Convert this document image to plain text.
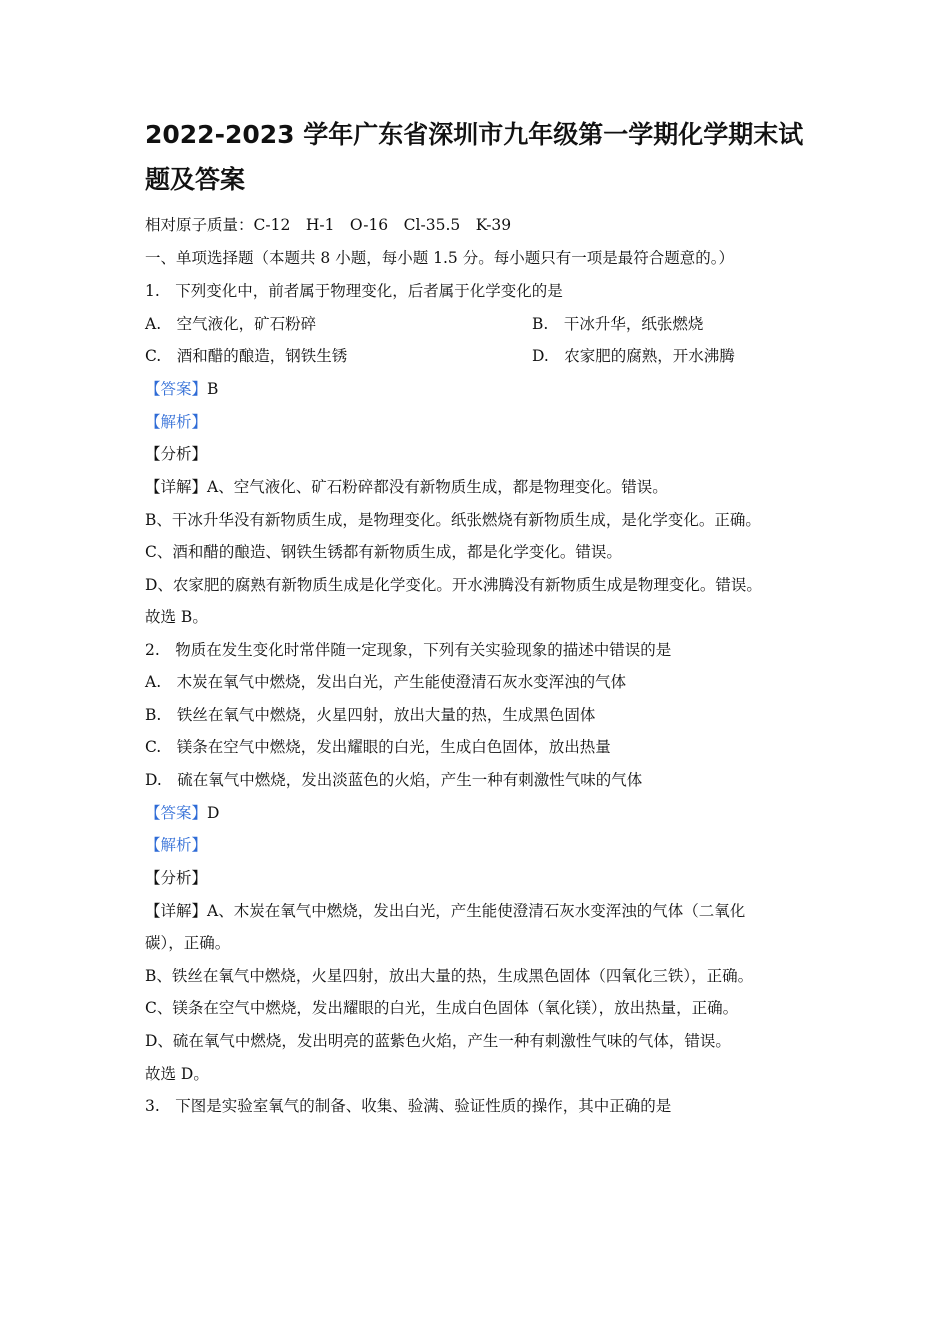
2022-2023 学年广东省深圳市九年级第一学期化学期末试题及答案

相对原子质量：C-12　H-1　O-16　Cl-35.5　K-39

一、单项选择题（本题共 8 小题，每小题 1.5 分。每小题只有一项是最符合题意的。）

1.　下列变化中，前者属于物理变化，后者属于化学变化的是

A.　空气液化，矿石粉碎	B.　干冰升华，纸张燃烧

C.　酒和醋的酿造，钢铁生锈	D.　农家肥的腐熟，开水沸腾

【答案】B

【解析】

【分析】

【详解】A、空气液化、矿石粉碎都没有新物质生成，都是物理变化。错误。

B、干冰升华没有新物质生成，是物理变化。纸张燃烧有新物质生成，是化学变化。正确。

C、酒和醋的酿造、钢铁生锈都有新物质生成，都是化学变化。错误。

D、农家肥的腐熟有新物质生成是化学变化。开水沸腾没有新物质生成是物理变化。错误。

故选 B。

2.　物质在发生变化时常伴随一定现象，下列有关实验现象的描述中错误的是

A.　木炭在氧气中燃烧，发出白光，产生能使澄清石灰水变浑浊的气体

B.　铁丝在氧气中燃烧，火星四射，放出大量的热，生成黑色固体

C.　镁条在空气中燃烧，发出耀眼的白光，生成白色固体，放出热量

D.　硫在氧气中燃烧，发出淡蓝色的火焰，产生一种有刺激性气味的气体

【答案】D

【解析】

【分析】

【详解】A、木炭在氧气中燃烧，发出白光，产生能使澄清石灰水变浑浊的气体（二氧化

碳），正确。

B、铁丝在氧气中燃烧，火星四射，放出大量的热，生成黑色固体（四氧化三铁），正确。

C、镁条在空气中燃烧，发出耀眼的白光，生成白色固体（氧化镁），放出热量，正确。

D、硫在氧气中燃烧，发出明亮的蓝紫色火焰，产生一种有刺激性气味的气体，错误。

故选 D。

3.　下图是实验室氧气的制备、收集、验满、验证性质的操作，其中正确的是
